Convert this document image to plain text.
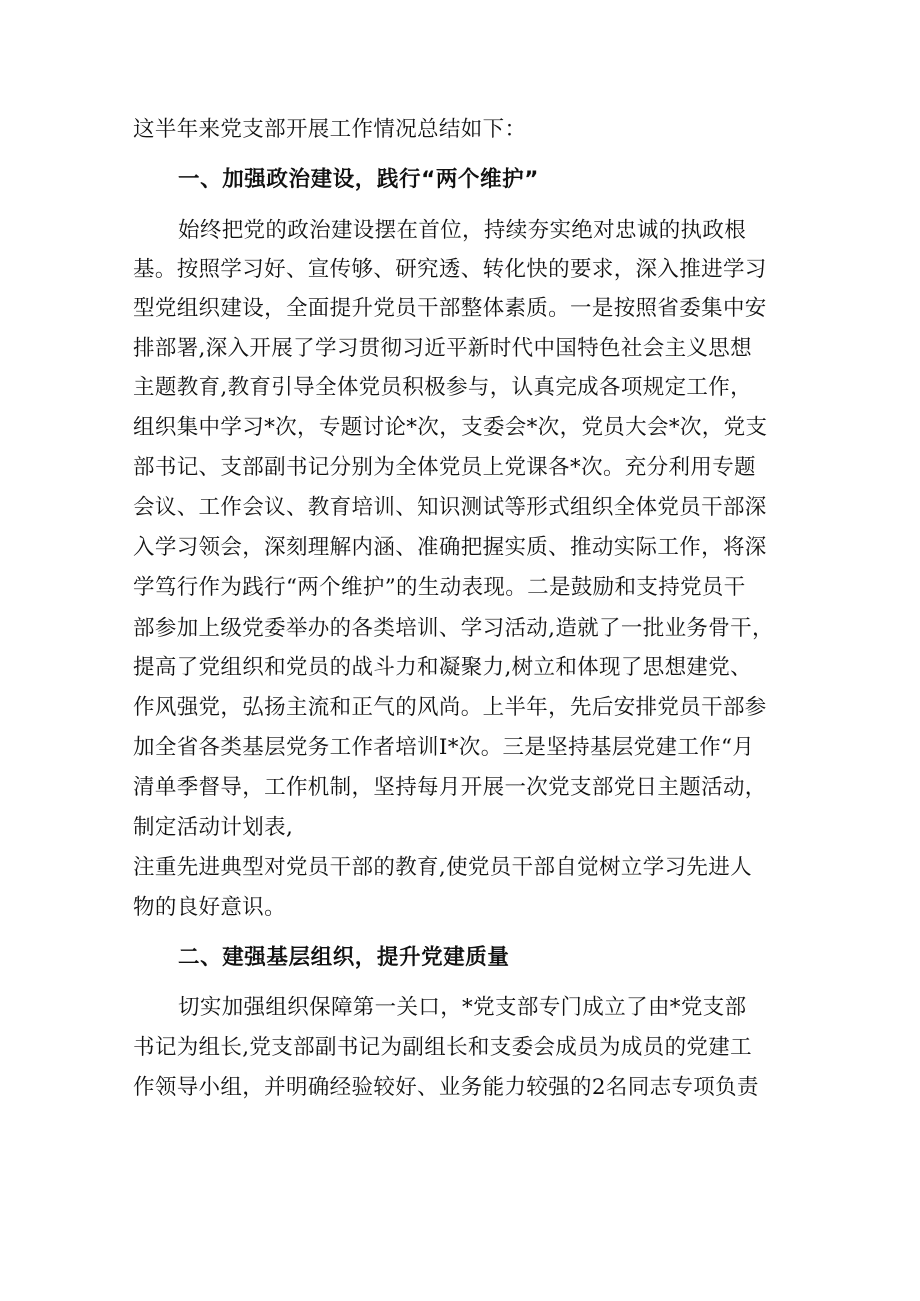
这半年来党支部开展工作情况总结如下：

一、加强政治建设，践行“两个维护”

始终把党的政治建设摆在首位，持续夯实绝对忠诚的执政根

基。按照学习好、宣传够、研究透、转化快的要求，深入推进学习

型党组织建设，全面提升党员干部整体素质。一是按照省委集中安

排部署,深入开展了学习贯彻习近平新时代中国特色社会主义思想

主题教育,教育引导全体党员积极参与，认真完成各项规定工作，

组织集中学习*次，专题讨论*次，支委会*次，党员大会*次，党支

部书记、支部副书记分别为全体党员上党课各*次。充分利用专题

会议、工作会议、教育培训、知识测试等形式组织全体党员干部深

入学习领会，深刻理解内涵、准确把握实质、推动实际工作，将深

学笃行作为践行“两个维护”的生动表现。二是鼓励和支持党员干

部参加上级党委举办的各类培训、学习活动,造就了一批业务骨干，

提高了党组织和党员的战斗力和凝聚力,树立和体现了思想建党、

作风强党，弘扬主流和正气的风尚。上半年，先后安排党员干部参

加全省各类基层党务工作者培训I*次。三是坚持基层党建工作“月

清单季督导，工作机制，坚持每月开展一次党支部党日主题活动，

制定活动计划表,

注重先进典型对党员干部的教育,使党员干部自觉树立学习先进人

物的良好意识。

二、建强基层组织，提升党建质量

切实加强组织保障第一关口，*党支部专门成立了由*党支部

书记为组长,党支部副书记为副组长和支委会成员为成员的党建工

作领导小组，并明确经验较好、业务能力较强的2名同志专项负责
